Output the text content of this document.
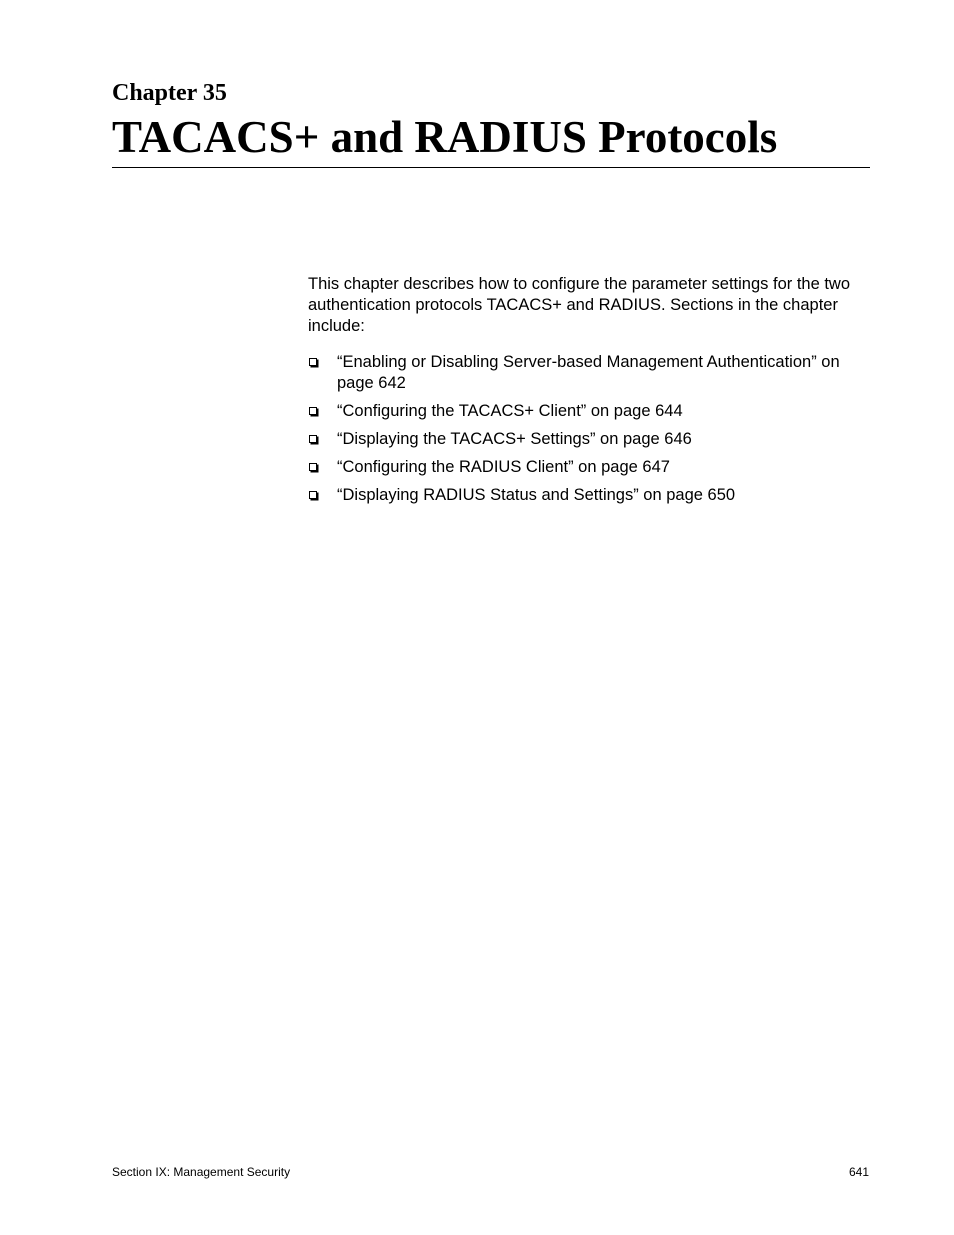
Chapter 35
TACACS+ and RADIUS Protocols

This chapter describes how to configure the parameter settings for the two authentication protocols TACACS+ and RADIUS. Sections in the chapter include:

“Enabling or Disabling Server-based Management Authentication” on page 642
“Configuring the TACACS+ Client” on page 644
“Displaying the TACACS+ Settings” on page 646
“Configuring the RADIUS Client” on page 647
“Displaying RADIUS Status and Settings” on page 650
Section IX: Management Security	641
